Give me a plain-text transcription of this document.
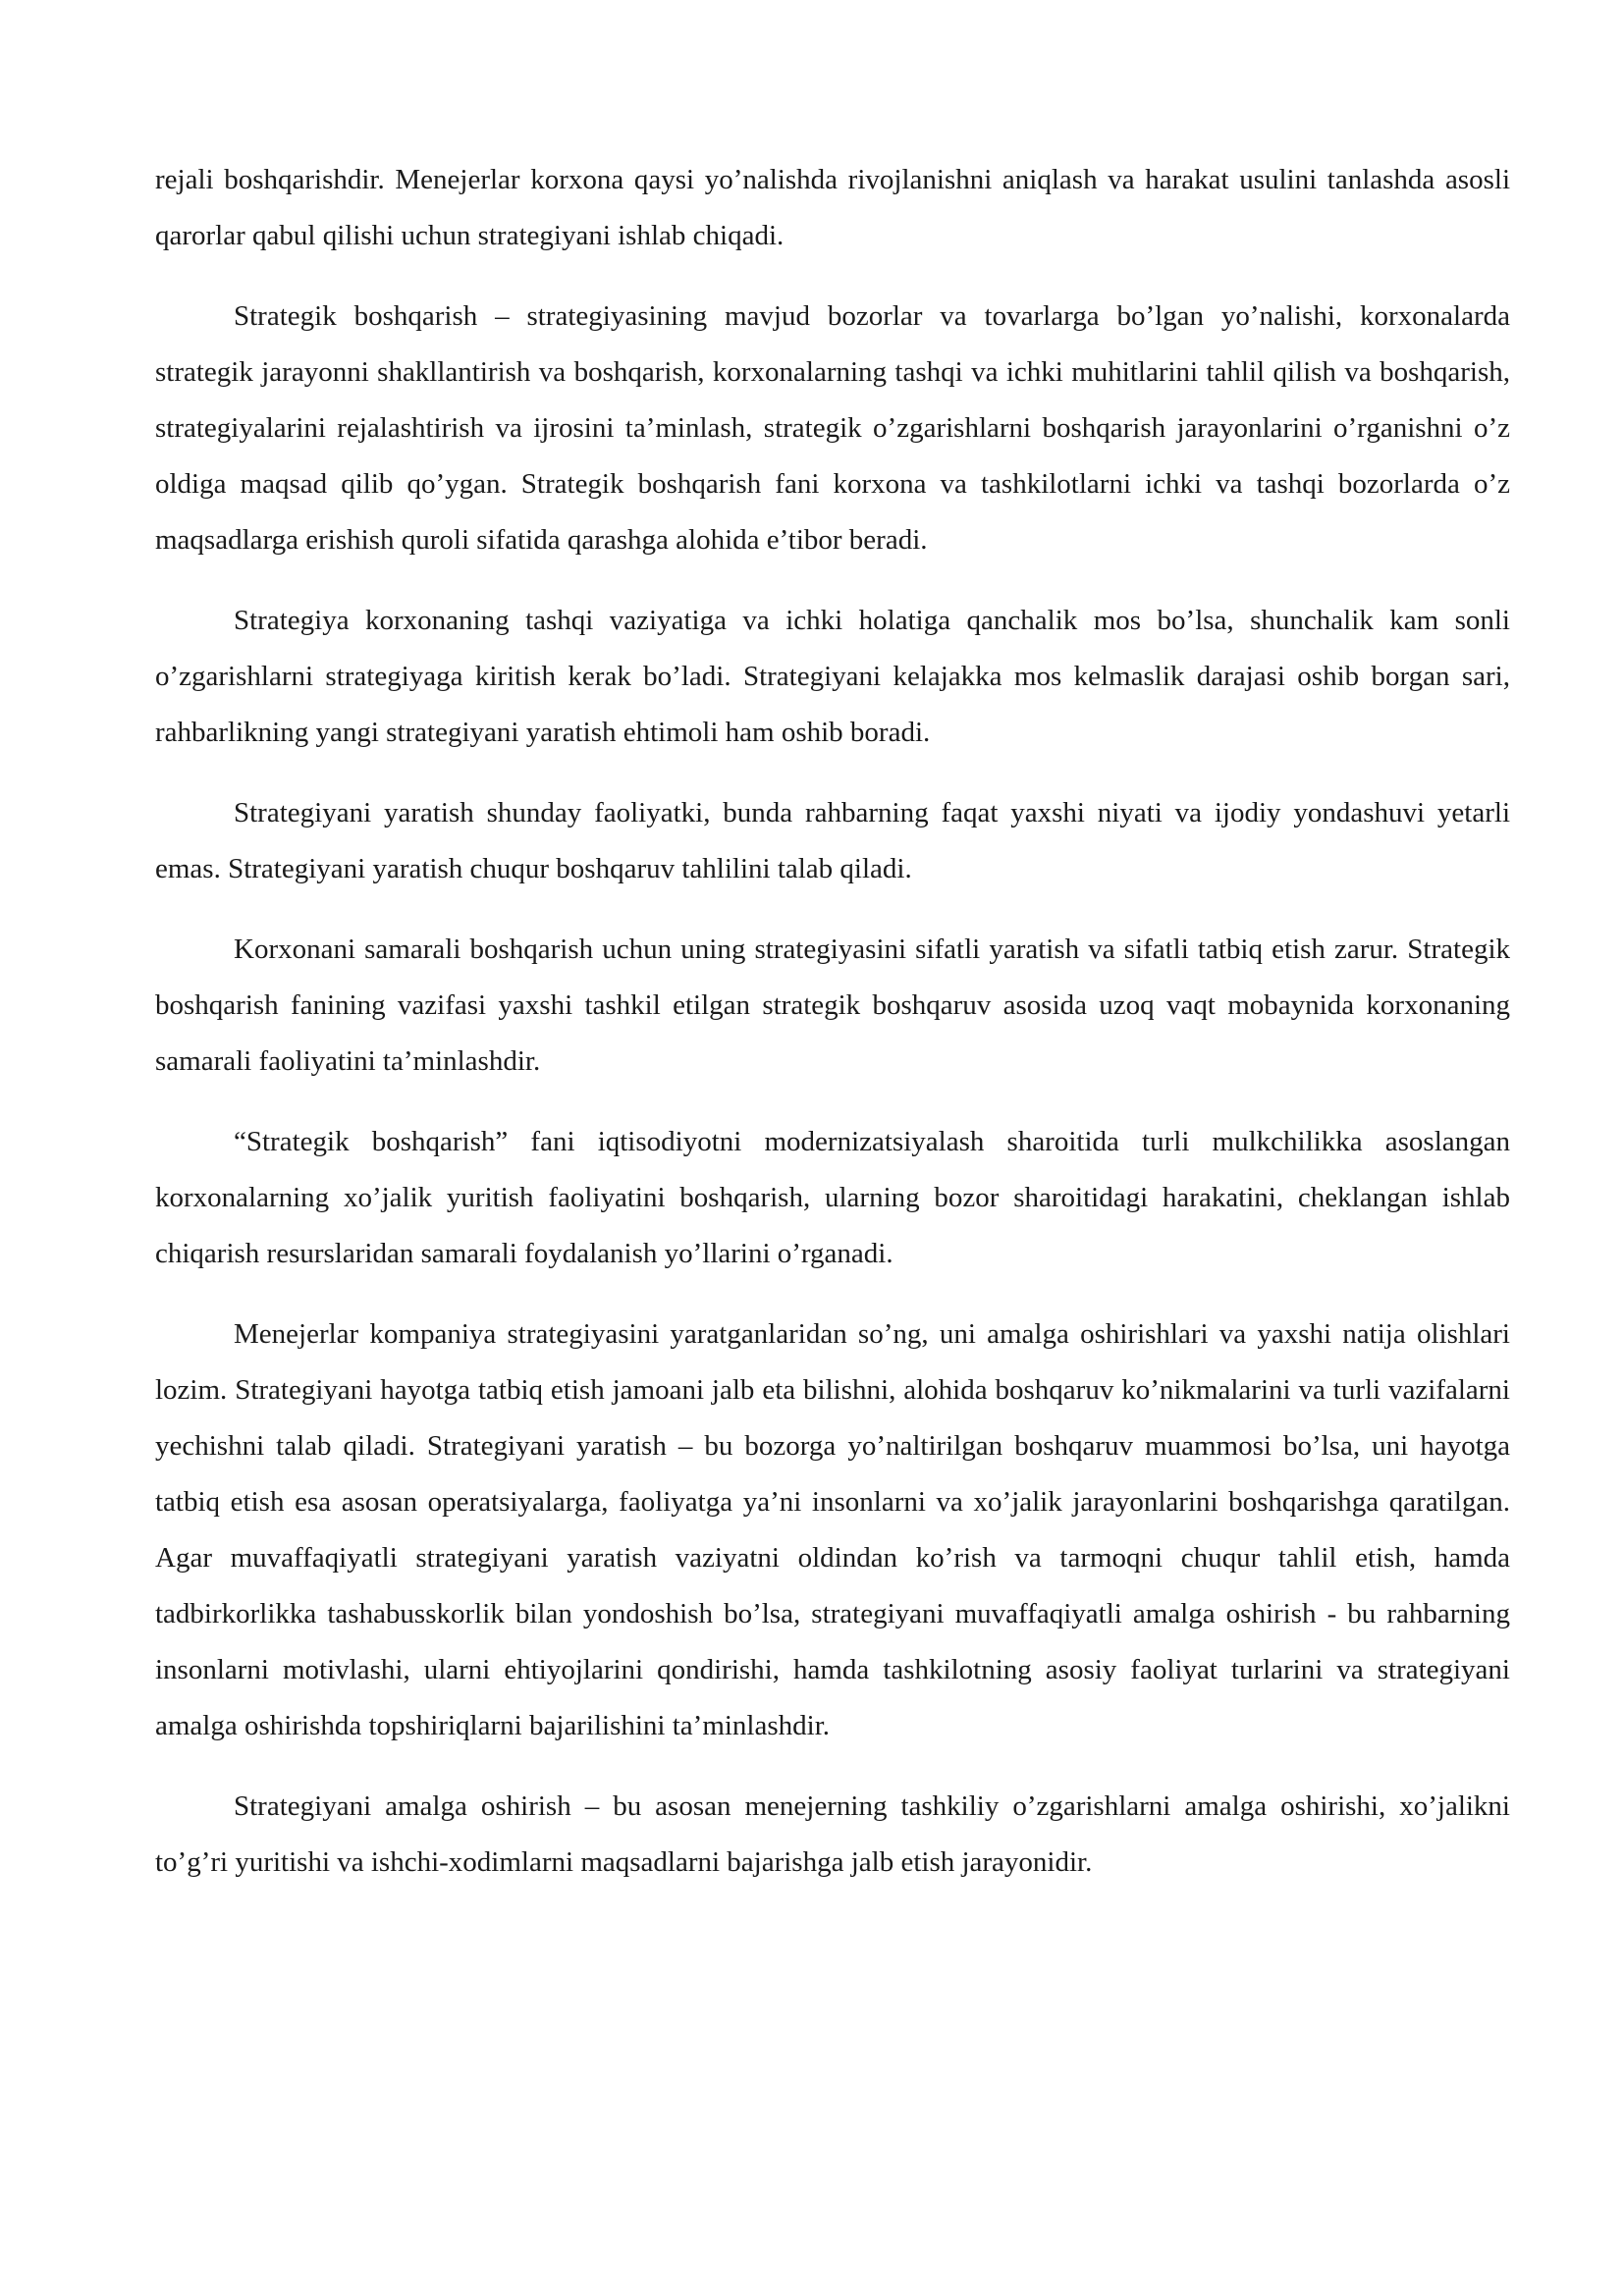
rejali boshqarishdir. Menejerlar korxona qaysi yo’nalishda rivojlanishni aniqlash va harakat usulini tanlashda asosli qarorlar qabul qilishi uchun strategiyani ishlab chiqadi.

Strategik boshqarish – strategiyasining mavjud bozorlar va tovarlarga bo’lgan yo’nalishi, korxonalarda strategik jarayonni shakllantirish va boshqarish, korxonalarning tashqi va ichki muhitlarini tahlil qilish va boshqarish, strategiyalarini rejalashtirish va ijrosini ta’minlash, strategik o’zgarishlarni boshqarish jarayonlarini o’rganishni o’z oldiga maqsad qilib qo’ygan. Strategik boshqarish fani korxona va tashkilotlarni ichki va tashqi bozorlarda o’z maqsadlarga erishish quroli sifatida qarashga alohida e’tibor beradi.

Strategiya korxonaning tashqi vaziyatiga va ichki holatiga qanchalik mos bo’lsa, shunchalik kam sonli o’zgarishlarni strategiyaga kiritish kerak bo’ladi. Strategiyani kelajakka mos kelmaslik darajasi oshib borgan sari, rahbarlikning yangi strategiyani yaratish ehtimoli ham oshib boradi.

Strategiyani yaratish shunday faoliyatki, bunda rahbarning faqat yaxshi niyati va ijodiy yondashuvi yetarli emas. Strategiyani yaratish chuqur boshqaruv tahlilini talab qiladi.

Korxonani samarali boshqarish uchun uning strategiyasini sifatli yaratish va sifatli tatbiq etish zarur. Strategik boshqarish fanining vazifasi yaxshi tashkil etilgan strategik boshqaruv asosida uzoq vaqt mobaynida korxonaning samarali faoliyatini ta’minlashdir.

“Strategik boshqarish” fani iqtisodiyotni modernizatsiyalash sharoitida turli mulkchilikka asoslangan korxonalarning xo’jalik yuritish faoliyatini boshqarish, ularning bozor sharoitidagi harakatini, cheklangan ishlab chiqarish resurslaridan samarali foydalanish yo’llarini o’rganadi.

Menejerlar kompaniya strategiyasini yaratganlaridan so’ng, uni amalga oshirishlari va yaxshi natija olishlari lozim. Strategiyani hayotga tatbiq etish jamoani jalb eta bilishni, alohida boshqaruv ko’nikmalarini va turli vazifalarni yechishni talab qiladi. Strategiyani yaratish – bu bozorga yo’naltirilgan boshqaruv muammosi bo’lsa, uni hayotga tatbiq etish esa asosan operatsiyalarga, faoliyatga ya’ni insonlarni va xo’jalik jarayonlarini boshqarishga qaratilgan. Agar muvaffaqiyatli strategiyani yaratish vaziyatni oldindan ko’rish va tarmoqni chuqur tahlil etish, hamda tadbirkorlikka tashabusskorlik bilan yondoshish bo’lsa, strategiyani muvaffaqiyatli amalga oshirish - bu rahbarning insonlarni motivlashi, ularni ehtiyojlarini qondirishi, hamda tashkilotning asosiy faoliyat turlarini va strategiyani amalga oshirishda topshiriqlarni bajarilishini ta’minlashdir.

Strategiyani amalga oshirish – bu asosan menejerning tashkiliy o’zgarishlarni amalga oshirishi, xo’jalikni to’g’ri yuritishi va ishchi-xodimlarni maqsadlarni bajarishga jalb etish jarayonidir.
